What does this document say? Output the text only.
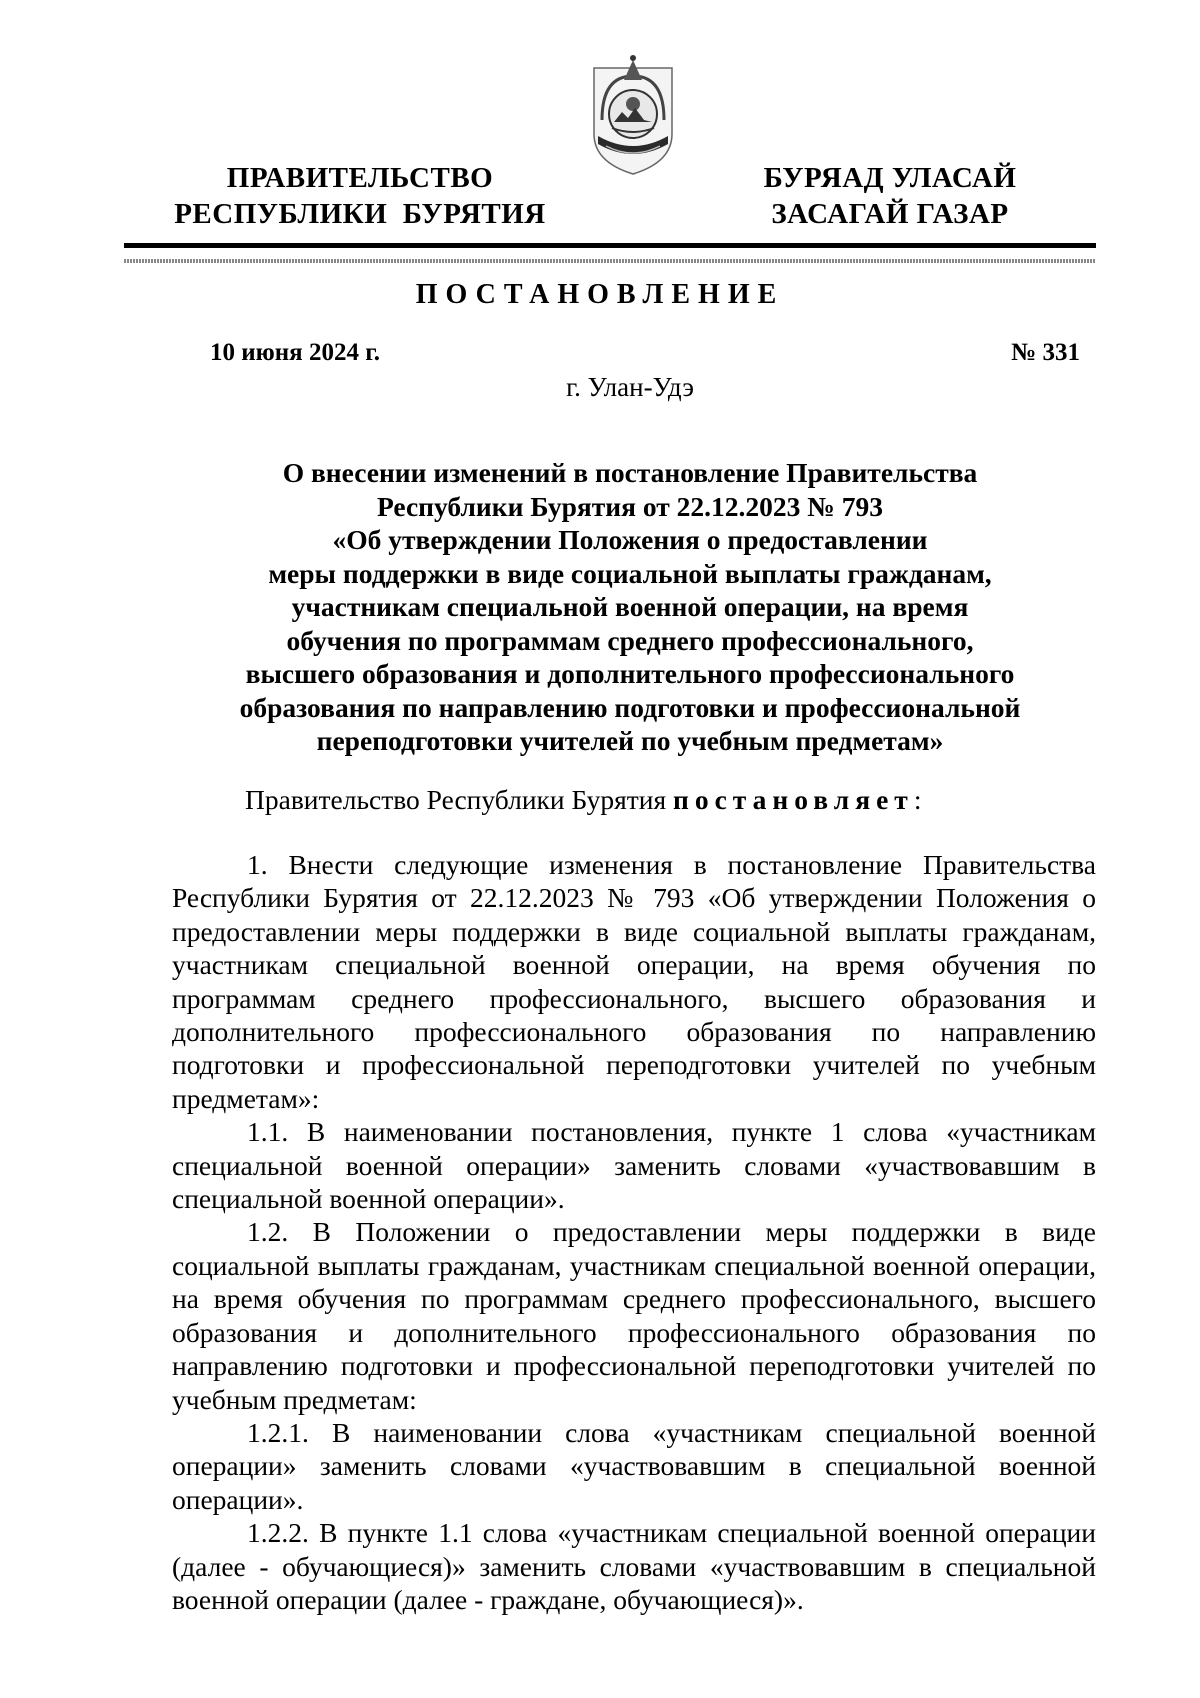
ПРАВИТЕЛЬСТВО
РЕСПУБЛИКИ  БУРЯТИЯ
БУРЯАД УЛАСАЙ
ЗАСАГАЙ ГАЗАР
ПОСТАНОВЛЕНИЕ
10 июня 2024 г.	№ 331
г. Улан-Удэ
О внесении изменений в постановление Правительства
Республики Бурятия от 22.12.2023 № 793
«Об утверждении Положения о предоставлении
меры поддержки в виде социальной выплаты гражданам,
участникам специальной военной операции, на время
обучения по программам среднего профессионального,
высшего образования и дополнительного профессионального
образования по направлению подготовки и профессиональной
переподготовки учителей по учебным предметам»
Правительство Республики Бурятия постановляет:

1. Внести следующие изменения в постановление Правительства Республики Бурятия от 22.12.2023 № 793 «Об утверждении Положения о предоставлении меры поддержки в виде социальной выплаты гражданам, участникам специальной военной операции, на время обучения по программам среднего профессионального, высшего образования и дополнительного профессионального образования по направлению подготовки и профессиональной переподготовки учителей по учебным предметам»:

1.1. В наименовании постановления, пункте 1 слова «участникам специальной военной операции» заменить словами «участвовавшим в специальной военной операции».

1.2. В Положении о предоставлении меры поддержки в виде социальной выплаты гражданам, участникам специальной военной операции, на время обучения по программам среднего профессионального, высшего образования и дополнительного профессионального образования по направлению подготовки и профессиональной переподготовки учителей по учебным предметам:

1.2.1. В наименовании слова «участникам специальной военной операции» заменить словами «участвовавшим в специальной военной операции».

1.2.2. В пункте 1.1 слова «участникам специальной военной операции (далее - обучающиеся)» заменить словами «участвовавшим в специальной военной операции (далее - граждане, обучающиеся)».
